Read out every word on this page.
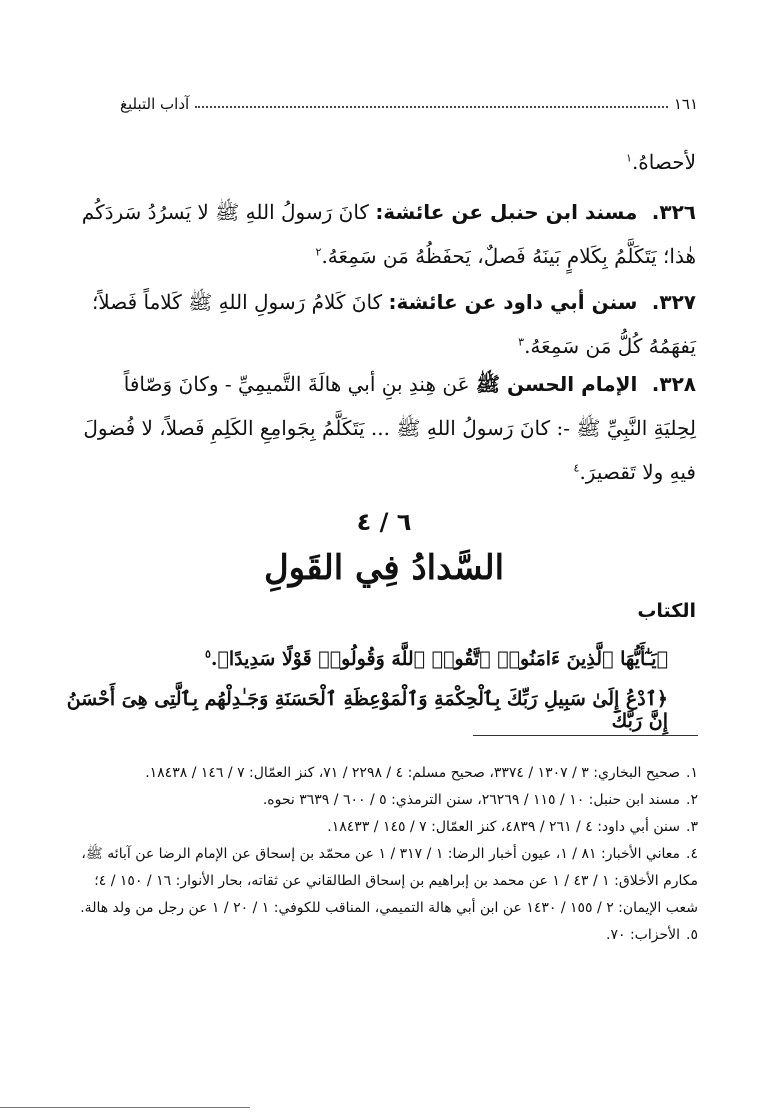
١٦١
آداب التبليغ
لأحصاهُ.$^١$
٣٢٦. مسند ابن حنبل عن عائشة: كانَ رَسولُ اللهِ ﷺ لا يَسرُدُ سَردَكُم هٰذا؛ يَتَكَلَّمُ بِكَلامٍ بَينَهُ فَصلٌ، يَحفَظُهُ مَن سَمِعَهُ.$^٢$
٣٢٧. سنن أبي داود عن عائشة: كانَ كَلامُ رَسولِ اللهِ ﷺ كَلاماً فَصلاً؛ يَفهَمُهُ كُلُّ مَن سَمِعَهُ.$^٣$
٣٢٨. الإمام الحسن ﷺ عَن هِندِ بنِ أبي هالَةَ التَّميمِيِّ - وكانَ وَصّافاً لِحِليَةِ النَّبِيِّ ﷺ -: كانَ رَسولُ اللهِ ﷺ ... يَتَكَلَّمُ بِجَوامِعِ الكَلِمِ فَصلاً، لا فُضولَ فيهِ ولا تَقصيرَ.$^٤$
٦ / ٤
السَّدادُ فِي القَولِ
الكتاب
﴿يَـٰٓأَيُّهَا ٱلَّذِينَ ءَامَنُوا۟ ٱتَّقُوا۟ ٱللَّهَ وَقُولُوا۟ قَوْلًا سَدِيدًا﴾.$^٥$
﴿ٱدْعُ إِلَىٰ سَبِيلِ رَبِّكَ بِٱلْحِكْمَةِ وَٱلْمَوْعِظَةِ ٱلْحَسَنَةِ وَجَـٰدِلْهُم بِٱلَّتِى هِىَ أَحْسَنُ إِنَّ رَبَّكَ

١.صحيح البخاري: ٣ / ١٣٠٧ / ٣٣٧٤، صحيح مسلم: ٤ / ٢٢٩٨ / ٧١، كنز العمّال: ٧ / ١٤٦ / ١٨٤٣٨.

٢.مسند ابن حنبل: ١٠ / ١١٥ / ٢٦٢٦٩، سنن الترمذي: ٥ / ٦٠٠ / ٣٦٣٩ نحوه.

٣.سنن أبي داود: ٤ / ٢٦١ / ٤٨٣٩، كنز العمّال: ٧ / ١٤٥ / ١٨٤٣٣.

٤.معاني الأخبار: ٨١ / ١، عيون أخبار الرضا: ١ / ٣١٧ / ١ عن محمّد بن إسحاق عن الإمام الرضا عن آبائه ﷺ، مكارم الأخلاق: ١ / ٤٣ / ١ عن محمد بن إبراهيم بن إسحاق الطالقاني عن ثقاته، بحار الأنوار: ١٦ / ١٥٠ / ٤؛ شعب الإيمان: ٢ / ١٥٥ / ١٤٣٠ عن ابن أبي هالة التميمي، المناقب للكوفي: ١ / ٢٠ / ١ عن رجل من ولد هالة.

٥.الأحزاب: ٧٠.
